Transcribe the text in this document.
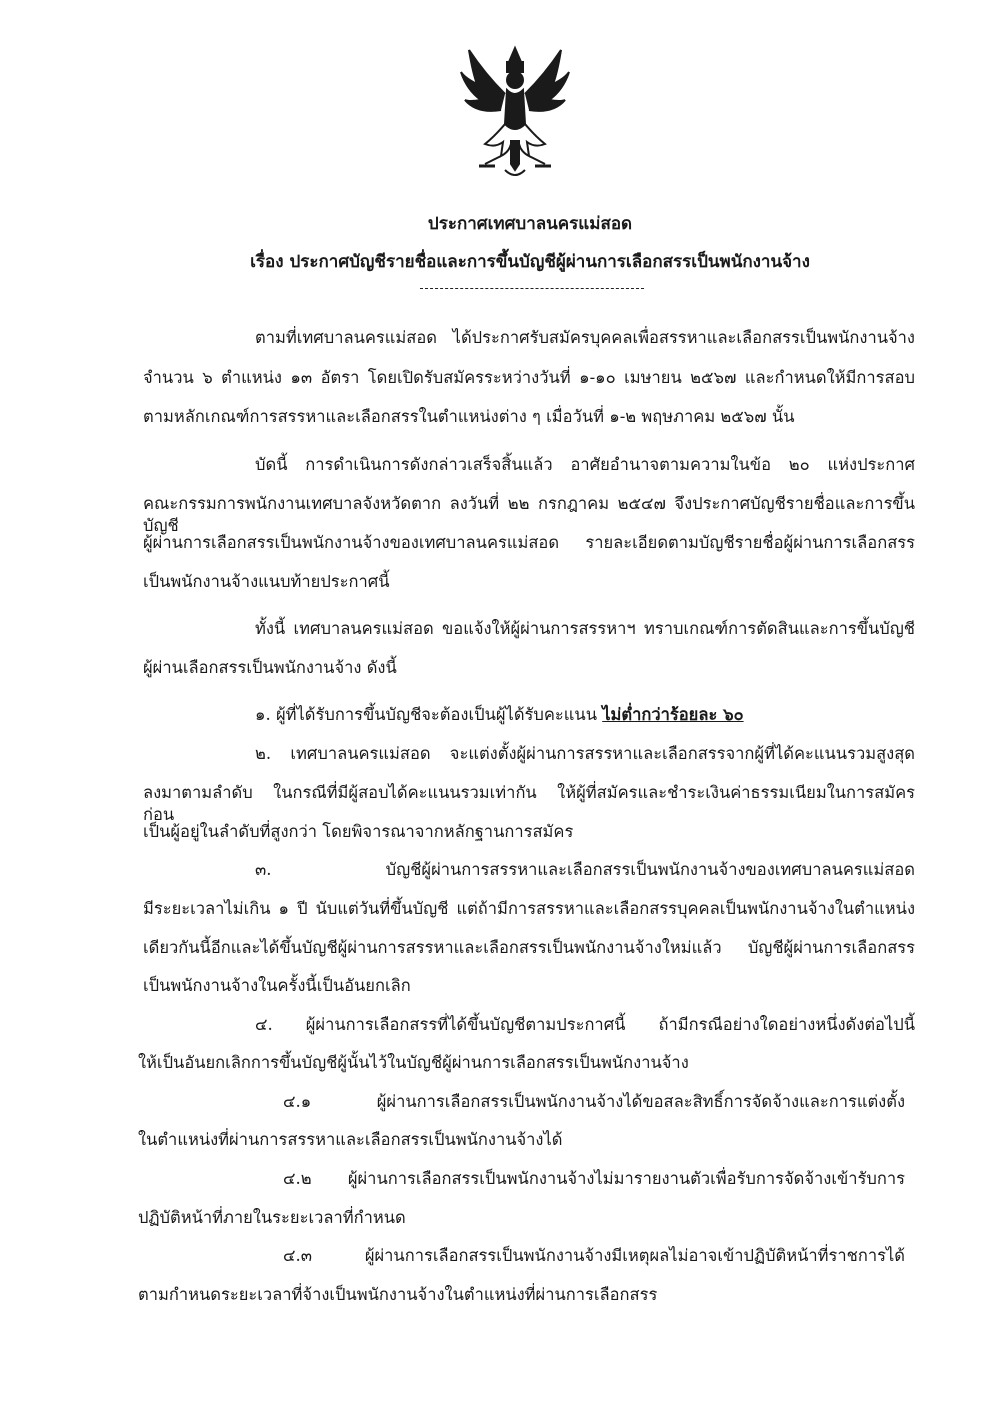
ประกาศเทศบาลนครแม่สอด
เรื่อง ประกาศบัญชีรายชื่อและการขึ้นบัญชีผู้ผ่านการเลือกสรรเป็นพนักงานจ้าง
ตามที่เทศบาลนครแม่สอด ได้ประกาศรับสมัครบุคคลเพื่อสรรหาและเลือกสรรเป็นพนักงานจ้าง
จำนวน ๖ ตำแหน่ง ๑๓ อัตรา โดยเปิดรับสมัครระหว่างวันที่ ๑-๑๐ เมษายน ๒๕๖๗ และกำหนดให้มีการสอบ
ตามหลักเกณฑ์การสรรหาและเลือกสรรในตำแหน่งต่าง ๆ เมื่อวันที่ ๑-๒ พฤษภาคม ๒๕๖๗ นั้น
บัดนี้ การดำเนินการดังกล่าวเสร็จสิ้นแล้ว อาศัยอำนาจตามความในข้อ ๒๐ แห่งประกาศ
คณะกรรมการพนักงานเทศบาลจังหวัดตาก ลงวันที่ ๒๒ กรกฎาคม ๒๕๔๗ จึงประกาศบัญชีรายชื่อและการขึ้นบัญชี
ผู้ผ่านการเลือกสรรเป็นพนักงานจ้างของเทศบาลนครแม่สอด รายละเอียดตามบัญชีรายชื่อผู้ผ่านการเลือกสรร
เป็นพนักงานจ้างแนบท้ายประกาศนี้
ทั้งนี้ เทศบาลนครแม่สอด ขอแจ้งให้ผู้ผ่านการสรรหาฯ ทราบเกณฑ์การตัดสินและการขึ้นบัญชี
ผู้ผ่านเลือกสรรเป็นพนักงานจ้าง ดังนี้
๑. ผู้ที่ได้รับการขึ้นบัญชีจะต้องเป็นผู้ได้รับคะแนน ไม่ต่ำกว่าร้อยละ ๖๐
๒. เทศบาลนครแม่สอด จะแต่งตั้งผู้ผ่านการสรรหาและเลือกสรรจากผู้ที่ได้คะแนนรวมสูงสุด
ลงมาตามลำดับ ในกรณีที่มีผู้สอบได้คะแนนรวมเท่ากัน ให้ผู้ที่สมัครและชำระเงินค่าธรรมเนียมในการสมัครก่อน
เป็นผู้อยู่ในลำดับที่สูงกว่า โดยพิจารณาจากหลักฐานการสมัคร
๓. บัญชีผู้ผ่านการสรรหาและเลือกสรรเป็นพนักงานจ้างของเทศบาลนครแม่สอด
มีระยะเวลาไม่เกิน ๑ ปี นับแต่วันที่ขึ้นบัญชี แต่ถ้ามีการสรรหาและเลือกสรรบุคคลเป็นพนักงานจ้างในตำแหน่ง
เดียวกันนี้อีกและได้ขึ้นบัญชีผู้ผ่านการสรรหาและเลือกสรรเป็นพนักงานจ้างใหม่แล้ว บัญชีผู้ผ่านการเลือกสรร
เป็นพนักงานจ้างในครั้งนี้เป็นอันยกเลิก
๔. ผู้ผ่านการเลือกสรรที่ได้ขึ้นบัญชีตามประกาศนี้ ถ้ามีกรณีอย่างใดอย่างหนึ่งดังต่อไปนี้
ให้เป็นอันยกเลิกการขึ้นบัญชีผู้นั้นไว้ในบัญชีผู้ผ่านการเลือกสรรเป็นพนักงานจ้าง
๔.๑ ผู้ผ่านการเลือกสรรเป็นพนักงานจ้างได้ขอสละสิทธิ์การจัดจ้างและการแต่งตั้ง
ในตำแหน่งที่ผ่านการสรรหาและเลือกสรรเป็นพนักงานจ้างได้
๔.๒ ผู้ผ่านการเลือกสรรเป็นพนักงานจ้างไม่มารายงานตัวเพื่อรับการจัดจ้างเข้ารับการ
ปฏิบัติหน้าที่ภายในระยะเวลาที่กำหนด
๔.๓ ผู้ผ่านการเลือกสรรเป็นพนักงานจ้างมีเหตุผลไม่อาจเข้าปฏิบัติหน้าที่ราชการได้
ตามกำหนดระยะเวลาที่จ้างเป็นพนักงานจ้างในตำแหน่งที่ผ่านการเลือกสรร
